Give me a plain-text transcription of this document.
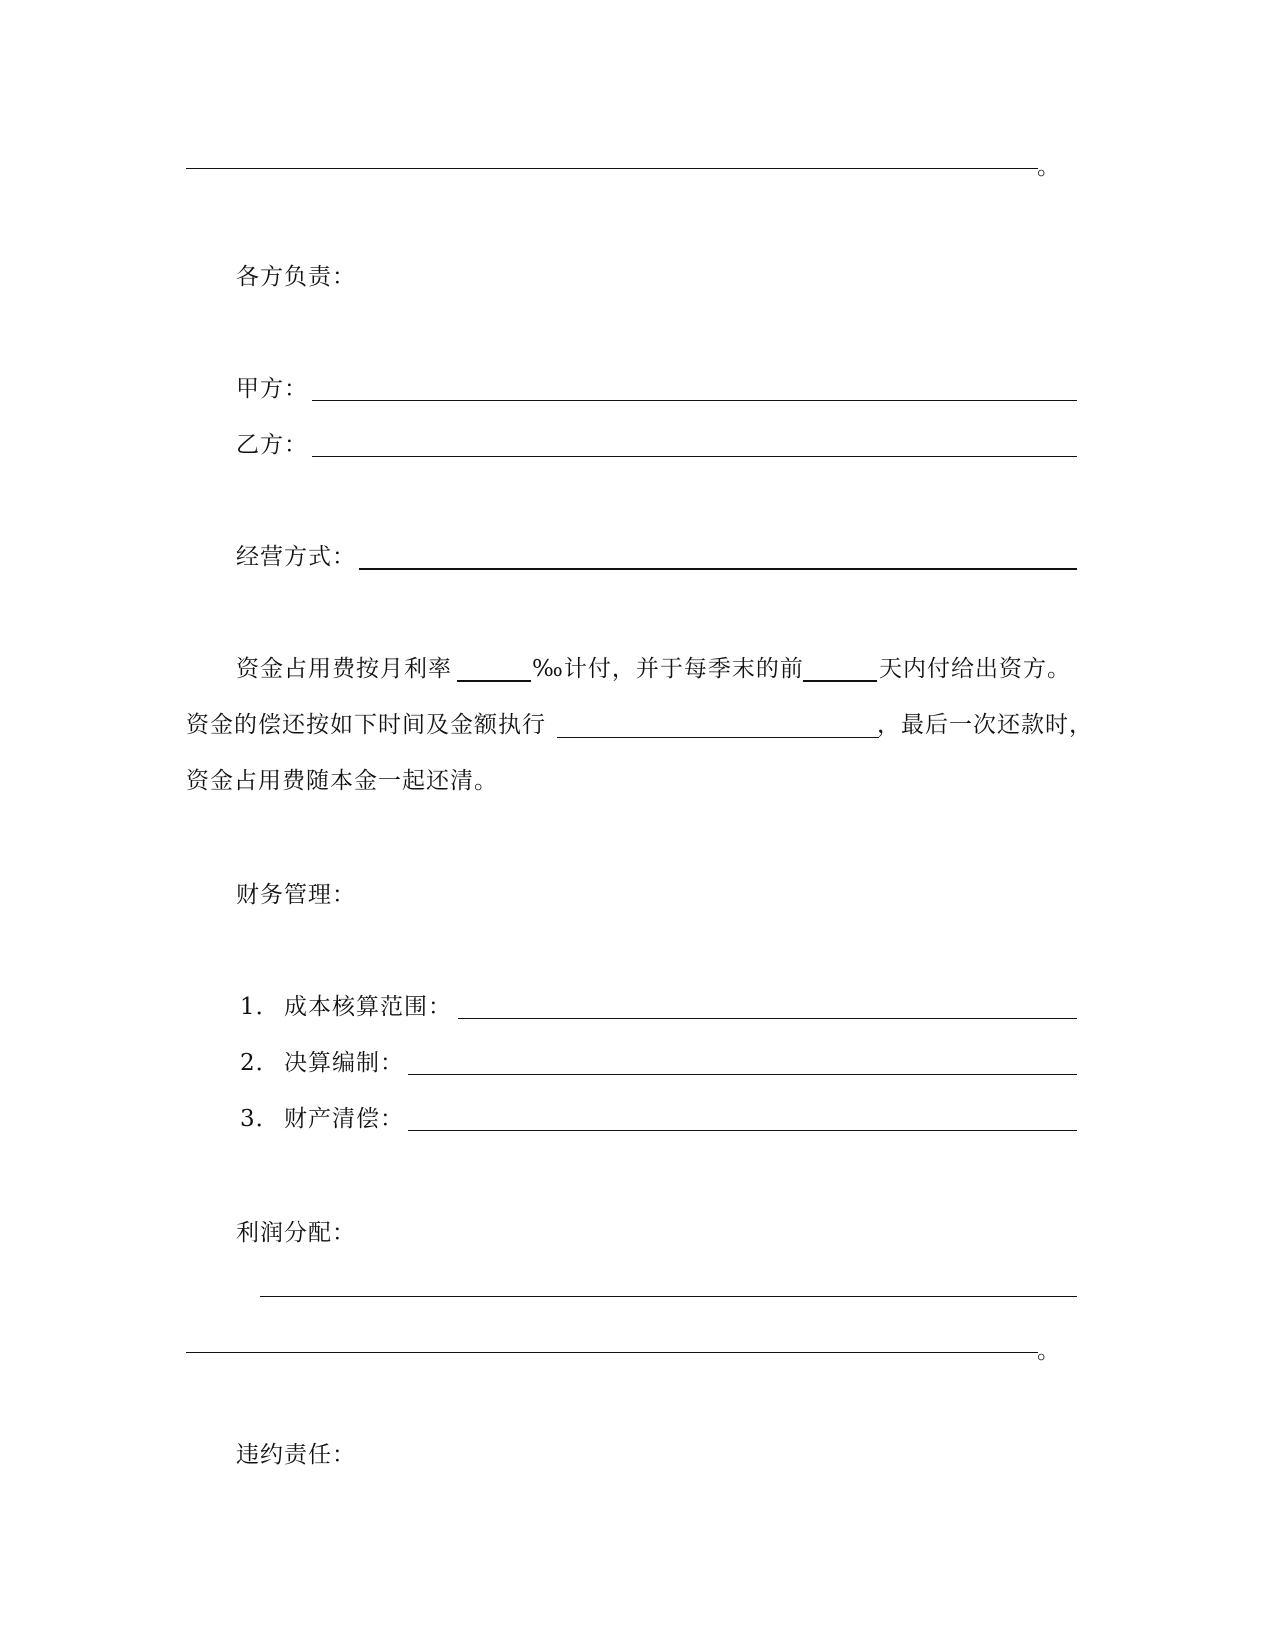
。
各方负责：
甲方：
乙方：
经营方式：
资金占用费按月利率	‰计付，并于每季末的前	天内付给出资方。
资金的偿还按如下时间及金额执行	，最后一次还款时，
资金占用费随本金一起还清。
财务管理：
1． 成本核算范围：
2． 决算编制：
3． 财产清偿：
利润分配：
。
违约责任：
